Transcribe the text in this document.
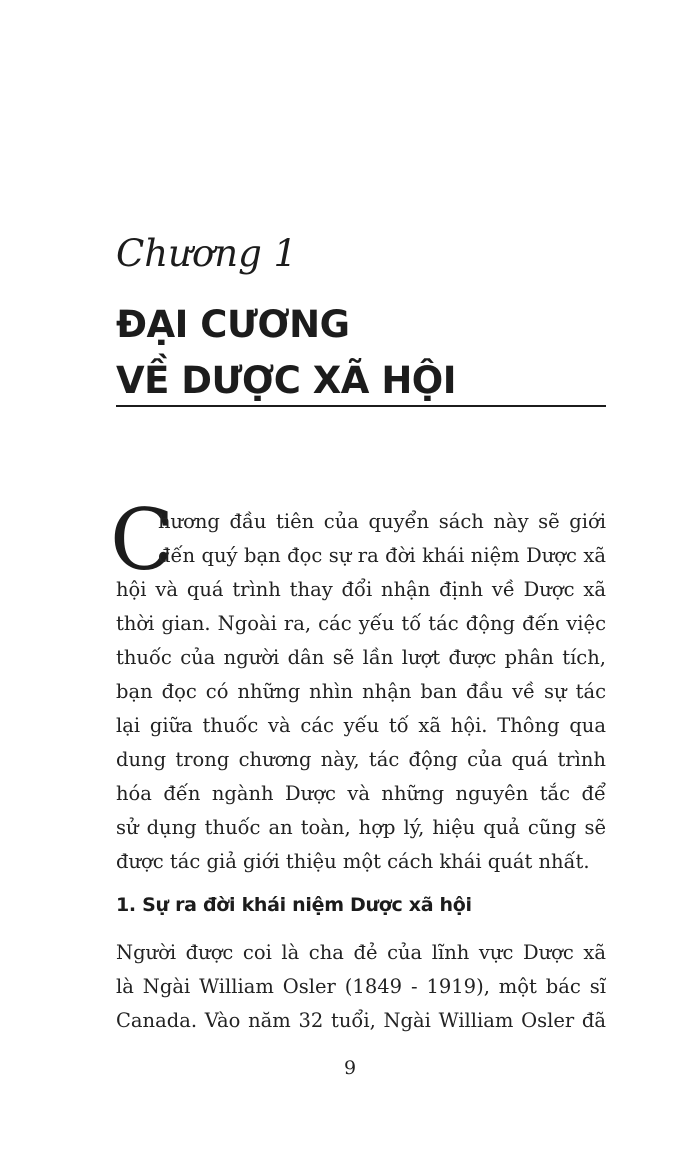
Chương 1
ĐẠI CƯƠNG
VỀ DƯỢC XÃ HỘI
C
hương đầu tiên của quyển sách này sẽ giới
đến quý bạn đọc sự ra đời khái niệm Dược xã
hội và quá trình thay đổi nhận định về Dược xã
thời gian. Ngoài ra, các yếu tố tác động đến việc
thuốc của người dân sẽ lần lượt được phân tích,
bạn đọc có những nhìn nhận ban đầu về sự tác
lại giữa thuốc và các yếu tố xã hội. Thông qua
dung trong chương này, tác động của quá trình
hóa đến ngành Dược và những nguyên tắc để
sử dụng thuốc an toàn, hợp lý, hiệu quả cũng sẽ
được tác giả giới thiệu một cách khái quát nhất.
1. Sự ra đời khái niệm Dược xã hội
Người được coi là cha đẻ của lĩnh vực Dược xã
là Ngài William Osler (1849 - 1919), một bác sĩ
Canada. Vào năm 32 tuổi, Ngài William Osler đã
9
